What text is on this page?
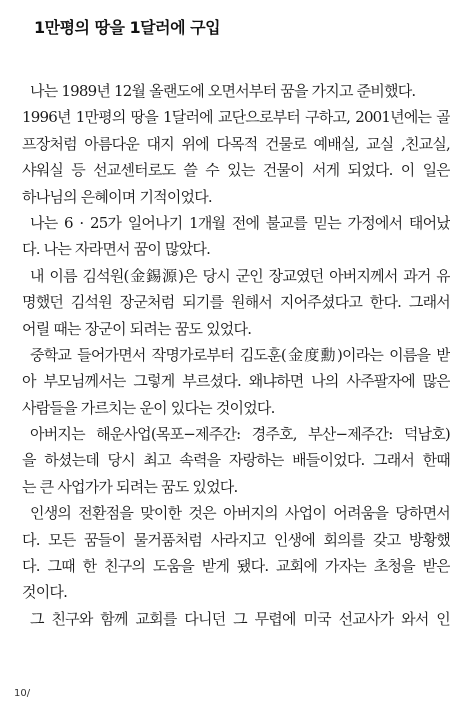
1만평의 땅을 1달러에 구입
나는 1989년 12월 올랜도에 오면서부터 꿈을 가지고 준비했다.
1996년 1만평의 땅을 1달러에 교단으로부터 구하고, 2001년에는 골
프장처럼 아름다운 대지 위에 다목적 건물로 예배실, 교실 ,친교실,
샤워실 등 선교센터로도 쓸 수 있는 건물이 서게 되었다. 이 일은
하나님의 은혜이며 기적이었다.
나는 6 · 25가 일어나기 1개월 전에 불교를 믿는 가정에서 태어났
다. 나는 자라면서 꿈이 많았다.
내 이름 김석원(金錫源)은 당시 군인 장교였던 아버지께서 과거 유
명했던 김석원 장군처럼 되기를 원해서 지어주셨다고 한다. 그래서
어릴 때는 장군이 되려는 꿈도 있었다.
중학교 들어가면서 작명가로부터 김도훈(金度勳)이라는 이름을 받
아 부모님께서는 그렇게 부르셨다. 왜냐하면 나의 사주팔자에 많은
사람들을 가르치는 운이 있다는 것이었다.
아버지는 해운사업(목포−제주간: 경주호, 부산−제주간: 덕남호)
을 하셨는데 당시 최고 속력을 자랑하는 배들이었다. 그래서 한때
는 큰 사업가가 되려는 꿈도 있었다.
인생의 전환점을 맞이한 것은 아버지의 사업이 어려움을 당하면서
다. 모든 꿈들이 물거품처럼 사라지고 인생에 회의를 갖고 방황했
다. 그때 한 친구의 도움을 받게 됐다. 교회에 가자는 초청을 받은
것이다.
그 친구와 함께 교회를 다니던 그 무렵에 미국 선교사가 와서 인
10/
